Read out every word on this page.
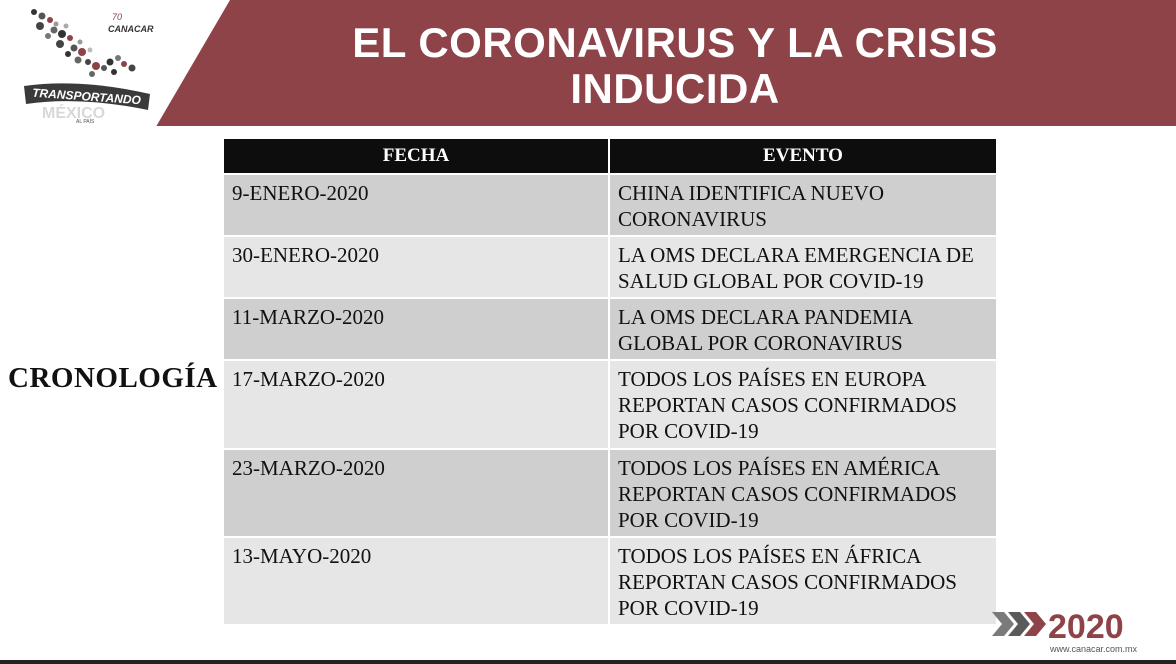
70
CANACAR
TRANSPORTANDO
MÉXICO
AL PAÍS
EL CORONAVIRUS Y LA CRISIS
INDUCIDA
CRONOLOGÍA
FECHA	EVENTO
9-ENERO-2020	CHINA IDENTIFICA NUEVO CORONAVIRUS
30-ENERO-2020	LA OMS DECLARA EMERGENCIA DE SALUD GLOBAL POR COVID-19
11-MARZO-2020	LA OMS DECLARA PANDEMIA GLOBAL POR CORONAVIRUS
17-MARZO-2020	TODOS LOS PAÍSES EN EUROPA REPORTAN CASOS CONFIRMADOS POR COVID-19
23-MARZO-2020	TODOS LOS PAÍSES EN AMÉRICA REPORTAN CASOS CONFIRMADOS POR COVID-19
13-MAYO-2020	TODOS LOS PAÍSES EN ÁFRICA REPORTAN CASOS CONFIRMADOS POR COVID-19	2020
www.canacar.com.mx
